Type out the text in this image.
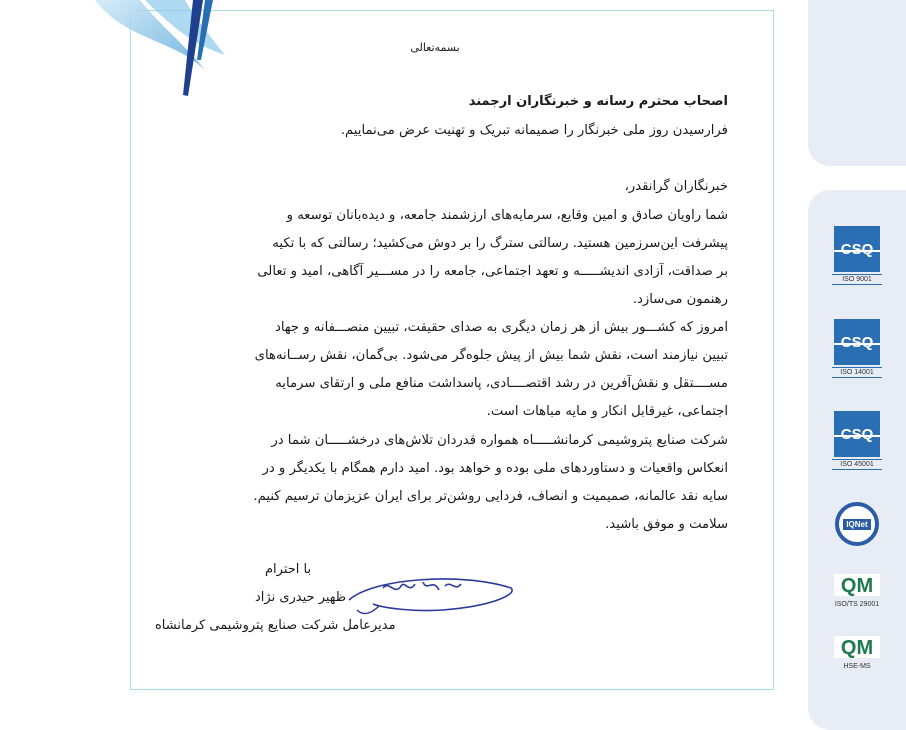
CSQ
ISO 9001
CSQ
ISO 14001
CSQ
ISO 45001
IQNet
QM
ISO/TS 29001
QM
HSE-MS
بسمه‌تعالی
اصحاب محترم رسانه و خبرنگاران ارجمند
فرارسیدن روز ملی خبرنگار را صمیمانه تبریک و تهنیت عرض می‌نماییم.
خبرنگاران گرانقدر،
شما راویان صادق و امین وقایع، سرمایه‌های ارزشمند جامعه، و دیده‌بانان توسعه و
پیشرفت این‌سرزمین هستید. رسالتی سترگ را بر دوش می‌کشید؛ رسالتی که با تکیه
بر صداقت، آزادی اندیشـــــه و تعهد اجتماعی، جامعه را در مســـیر آگاهی، امید و تعالی
رهنمون می‌سازد.
امروز که کشـــور بیش از هر زمان دیگری به صدای حقیقت، تبیین منصـــفانه و جهاد
تبیین نیازمند است، نقش شما بیش از پیش جلوه‌گر می‌شود. بی‌گمان، نقش رســانه‌های
مســــتقل و نقش‌آفرین در رشد اقتصــــادی، پاسداشت منافع ملی و ارتقای سرمایه
اجتماعی، غیرقابل انکار و مایه مباهات است.
شرکت صنایع پتروشیمی کرمانشـــــاه همواره قدردان تلاش‌های درخشـــــان شما در
انعکاس واقعیات و دستاوردهای ملی بوده و خواهد بود. امید دارم همگام با یکدیگر و در
سایه نقد عالمانه، صمیمیت و انصاف، فردایی روشن‌تر برای ایران عزیزمان ترسیم کنیم.
سلامت و موفق باشید.
با احترام
ظهیر حیدری نژاد
مدیرعامل شرکت صنایع پتروشیمی کرمانشاه
